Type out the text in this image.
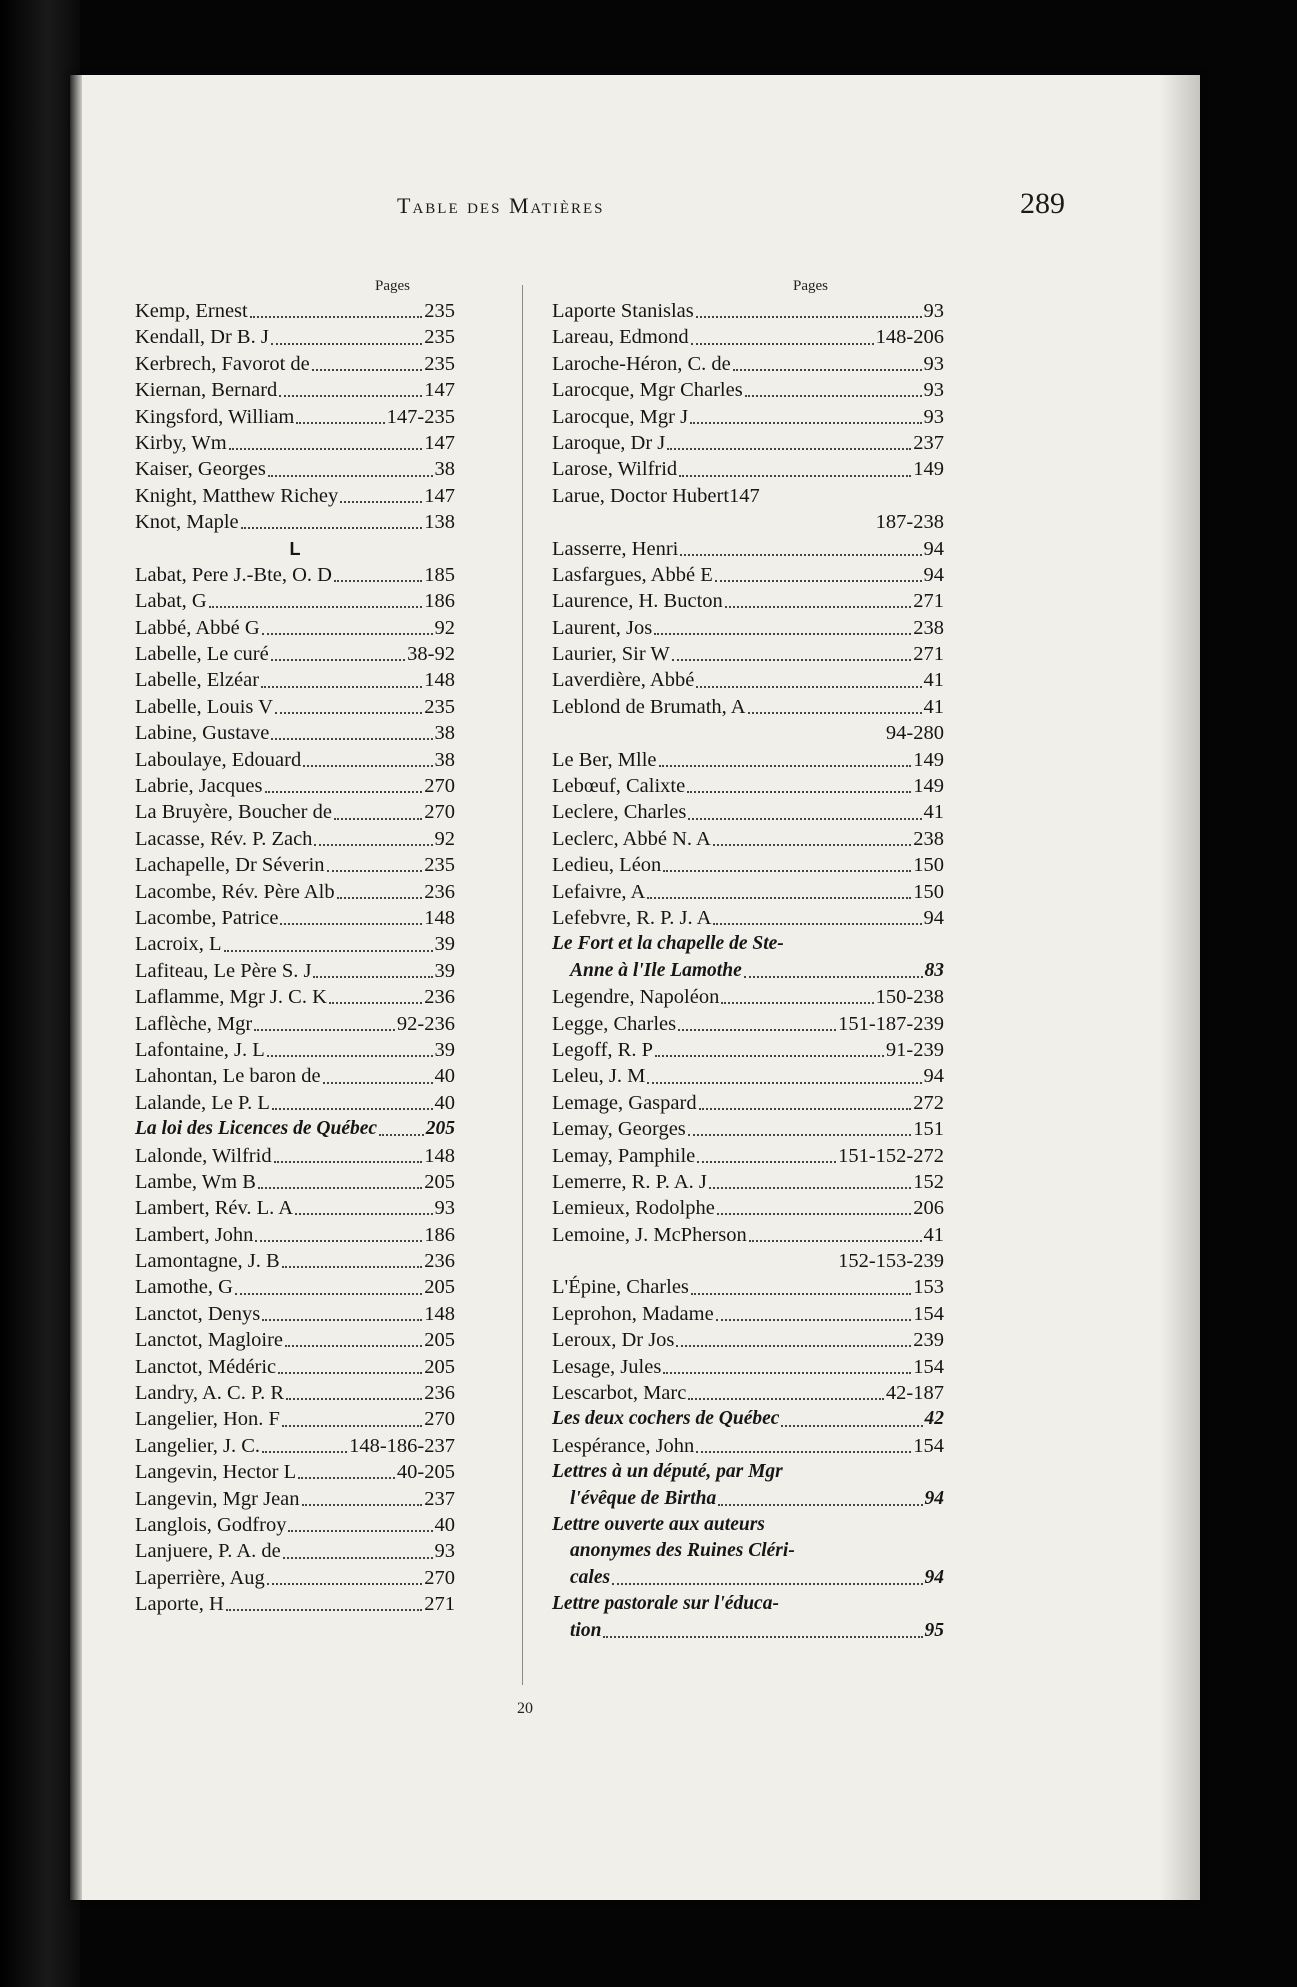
Table des Matières	289
Pages	Pages
Kemp, Ernest	235
Kendall, Dr B. J	235
Kerbrech, Favorot de	235
Kiernan, Bernard	147
Kingsford, William	147-235
Kirby, Wm	147
Kaiser, Georges	38
Knight, Matthew Richey	147
Knot, Maple	138
L
Labat, Pere J.-Bte, O. D	185
Labat, G	186
Labbé, Abbé G	92
Labelle, Le curé	38-92
Labelle, Elzéar	148
Labelle, Louis V	235
Labine, Gustave	38
Laboulaye, Edouard	38
Labrie, Jacques	270
La Bruyère, Boucher de	270
Lacasse, Rév. P. Zach	92
Lachapelle, Dr Séverin	235
Lacombe, Rév. Père Alb	236
Lacombe, Patrice	148
Lacroix, L	39
Lafiteau, Le Père S. J	39
Laflamme, Mgr J. C. K	236
Laflèche, Mgr	92-236
Lafontaine, J. L	39
Lahontan, Le baron de	40
Lalande, Le P. L	40
La loi des Licences de Québec 205
Lalonde, Wilfrid	148
Lambe, Wm B	205
Lambert, Rév. L. A	93
Lambert, John	186
Lamontagne, J. B	236
Lamothe, G	205
Lanctot, Denys	148
Lanctot, Magloire	205
Lanctot, Médéric	205
Landry, A. C. P. R	236
Langelier, Hon. F	270
Langelier, J. C.	148-186-237
Langevin, Hector L	40-205
Langevin, Mgr Jean	237
Langlois, Godfroy	40
Lanjuere, P. A. de	93
Laperrière, Aug	270
Laporte, H	271
Laporte Stanislas	93
Lareau, Edmond	148-206
Laroche-Héron, C. de	93
Larocque, Mgr Charles	93
Larocque, Mgr J	93
Laroque, Dr J	237
Larose, Wilfrid	149
Larue, Doctor Hubert 147
187-238
Lasserre, Henri	94
Lasfargues, Abbé E	94
Laurence, H. Bucton	271
Laurent, Jos	238
Laurier, Sir W	271
Laverdière, Abbé	41
Leblond de Brumath, A	41
94-280
Le Ber, Mlle	149
Lebœuf, Calixte	149
Leclere, Charles	41
Leclerc, Abbé N. A	238
Ledieu, Léon	150
Lefaivre, A	150
Lefebvre, R. P. J. A	94
Le Fort et la chapelle de Ste-
Anne à l'Ile Lamothe	83
Legendre, Napoléon	150-238
Legge, Charles	151-187-239
Legoff, R. P	91-239
Leleu, J. M	94
Lemage, Gaspard	272
Lemay, Georges	151
Lemay, Pamphile	151-152-272
Lemerre, R. P. A. J	152
Lemieux, Rodolphe	206
Lemoine, J. McPherson	41
152-153-239
L'Épine, Charles	153
Leprohon, Madame	154
Leroux, Dr Jos	239
Lesage, Jules	154
Lescarbot, Marc	42-187
Les deux cochers de Québec	42
Lespérance, John	154
Lettres à un député, par Mgr
l'évêque de Birtha	94
Lettre ouverte aux auteurs
anonymes des Ruines Cléri-
cales	94
Lettre pastorale sur l'éduca-
tion	95
20
